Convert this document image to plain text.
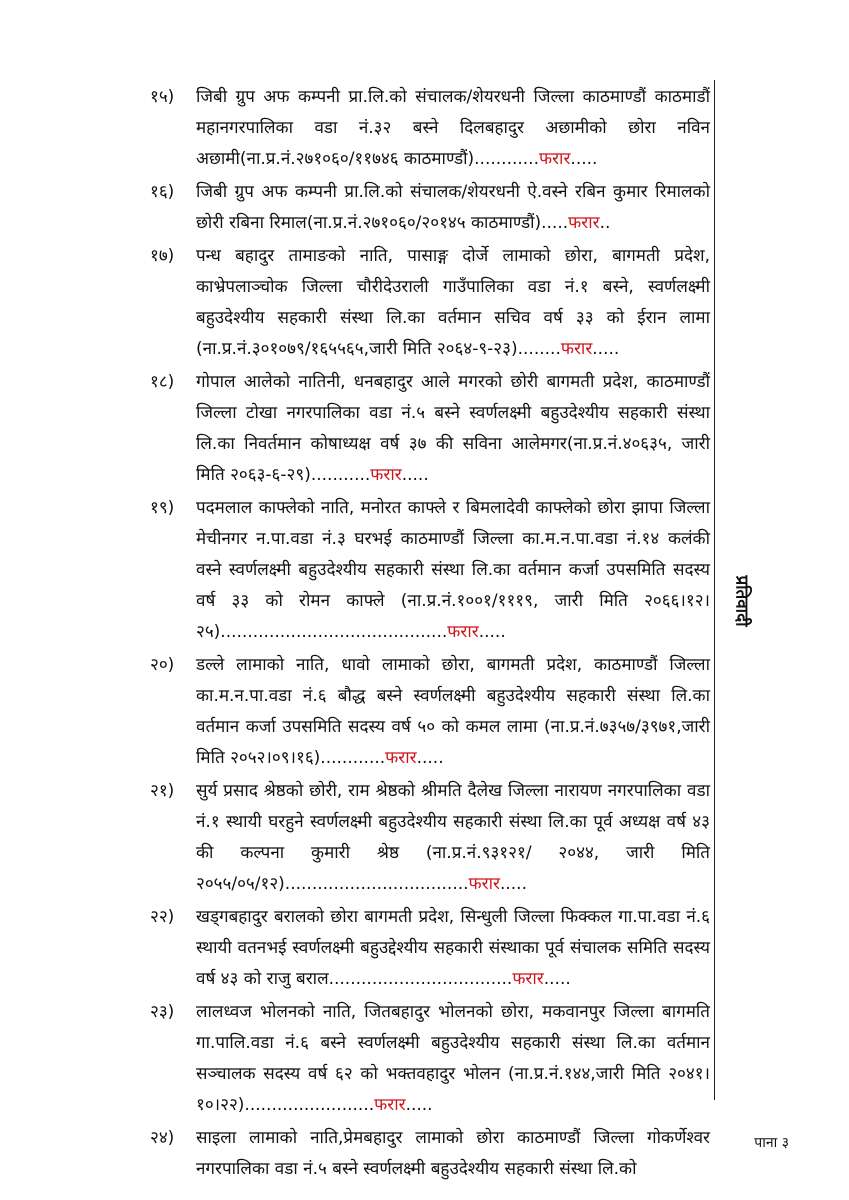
१५) जिबी ग्रुप अफ कम्पनी प्रा.लि.को संचालक/शेयरधनी जिल्ला काठमाण्डौं काठमाडौं महानगरपालिका वडा नं.३२ बस्ने दिलबहादुर अछामीको छोरा नविन अछामी(ना.प्र.नं.२७१०६०/११७४६ काठमाण्डौं)............फरार.....
१६) जिबी ग्रुप अफ कम्पनी प्रा.लि.को संचालक/शेयरधनी ऐ.वस्ने रबिन कुमार रिमालको छोरी रबिना रिमाल(ना.प्र.नं.२७१०६०/२०१४५ काठमाण्डौं).....फरार..
१७) पन्ध बहादुर तामाङको नाति, पासाङ्ग दोर्जे लामाको छोरा, बागमती प्रदेश, काभ्रेपलाञ्चोक जिल्ला चौरीदेउराली गाउँपालिका वडा नं.१ बस्ने, स्वर्णलक्ष्मी बहुउदेश्यीय सहकारी संस्था लि.का वर्तमान सचिव वर्ष ३३ को ईरान लामा (ना.प्र.नं.३०१०७९/१६५५६५,जारी मिति २०६४-९-२३)........फरार.....
१८) गोपाल आलेको नातिनी, धनबहादुर आले मगरको छोरी बागमती प्रदेश, काठमाण्डौं जिल्ला टोखा नगरपालिका वडा नं.५ बस्ने स्वर्णलक्ष्मी बहुउदेश्यीय सहकारी संस्था लि.का निवर्तमान कोषाध्यक्ष वर्ष ३७ की सविना आलेमगर(ना.प्र.नं.४०६३५, जारी मिति २०६३-६-२९)...........फरार.....
१९) पदमलाल काफ्लेको नाति, मनोरत काफ्ले र बिमलादेवी काफ्लेको छोरा झापा जिल्ला मेचीनगर न.पा.वडा नं.३ घरभई काठमाण्डौं जिल्ला का.म.न.पा.वडा नं.१४ कलंकी वस्ने स्वर्णलक्ष्मी बहुउदेश्यीय सहकारी संस्था लि.का वर्तमान कर्जा उपसमिति सदस्य वर्ष ३३ को रोमन काफ्ले (ना.प्र.नं.१००१/१११९, जारी मिति २०६६।१२।२५)..........................................फरार.....
२०) डल्ले लामाको नाति, धावो लामाको छोरा, बागमती प्रदेश, काठमाण्डौं जिल्ला का.म.न.पा.वडा नं.६ बौद्ध बस्ने स्वर्णलक्ष्मी बहुउदेश्यीय सहकारी संस्था लि.का वर्तमान कर्जा उपसमिति सदस्य वर्ष ५० को कमल लामा (ना.प्र.नं.७३५७/३९७१,जारी मिति २०५२।०९।१६)............फरार.....
२१) सुर्य प्रसाद श्रेष्ठको छोरी, राम श्रेष्ठको श्रीमति दैलेख जिल्ला नारायण नगरपालिका वडा नं.१ स्थायी घरहुने स्वर्णलक्ष्मी बहुउदेश्यीय सहकारी संस्था लि.का पूर्व अध्यक्ष वर्ष ४३ की कल्पना कुमारी श्रेष्ठ (ना.प्र.नं.९३१२१/ २०४४, जारी मिति २०५५/०५/१२)..................................फरार.....
२२) खड्गबहादुर बरालको छोरा बागमती प्रदेश, सिन्धुली जिल्ला फिक्कल गा.पा.वडा नं.६ स्थायी वतनभई स्वर्णलक्ष्मी बहुउद्देश्यीय सहकारी संस्थाका पूर्व संचालक समिति सदस्य वर्ष ४३ को राजु बराल..................................फरार.....
२३) लालध्वज भोलनको नाति, जितबहादुर भोलनको छोरा, मकवानपुर जिल्ला बागमति गा.पालि.वडा नं.६ बस्ने स्वर्णलक्ष्मी बहुउदेश्यीय सहकारी संस्था लि.का वर्तमान सञ्चालक सदस्य वर्ष ६२ को भक्तवहादुर भोलन (ना.प्र.नं.१४४,जारी मिति २०४१।१०।२२)........................फरार.....
२४) साइला लामाको नाति,प्रेमबहादुर लामाको छोरा काठमाण्डौं जिल्ला गोकर्णेश्वर नगरपालिका वडा नं.५ बस्ने स्वर्णलक्ष्मी बहुउदेश्यीय सहकारी संस्था लि.को
प्रतिवादी
पाना ३
